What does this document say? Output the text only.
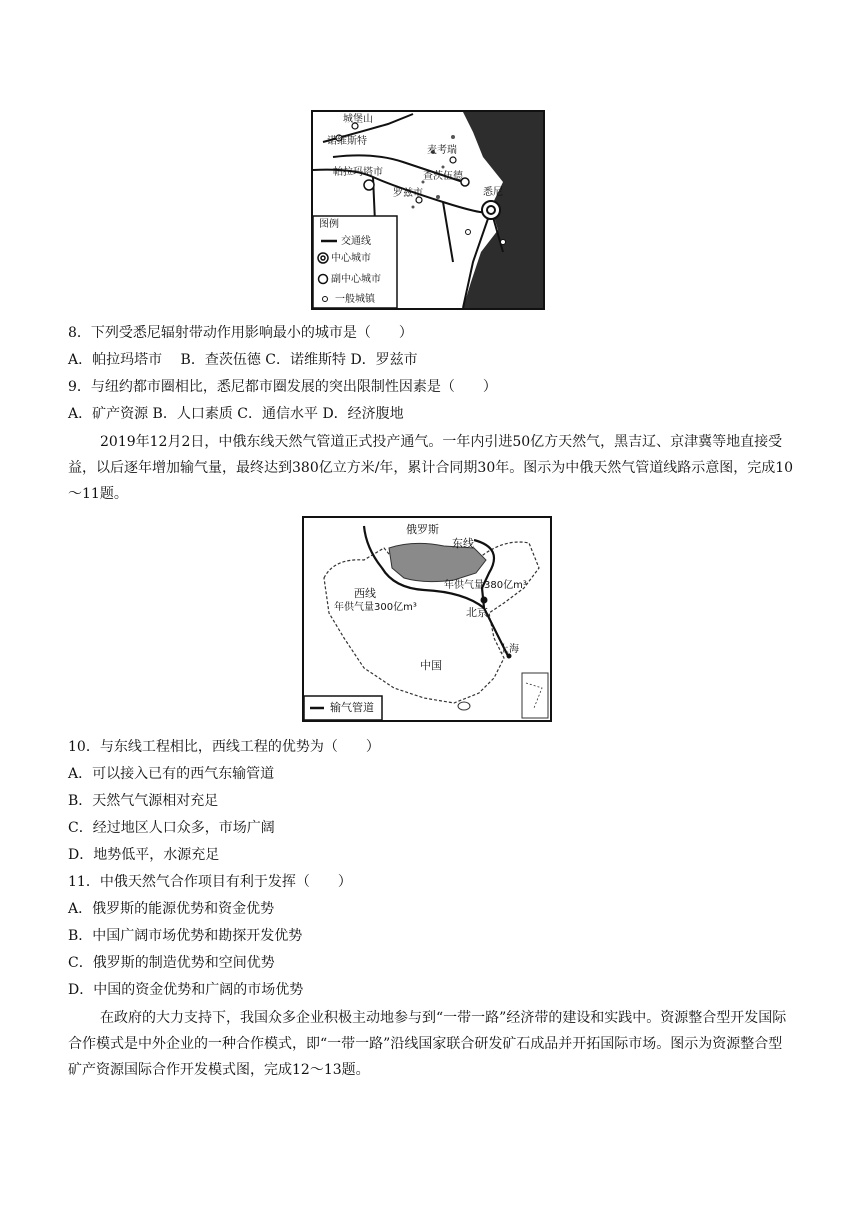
城堡山
诺维斯特
麦考瑞
帕拉玛塔市	查茨伍德
罗兹市	悉尼
图例
交通线
中心城市
副中心城市
一般城镇
8．下列受悉尼辐射带动作用影响最小的城市是（　　）
A．帕拉玛塔市　 B．查茨伍德 C．诺维斯特 D．罗兹市
9．与纽约都市圈相比，悉尼都市圈发展的突出限制性因素是（　　）
A．矿产资源 B．人口素质 C．通信水平 D．经济腹地
2019年12月2日，中俄东线天然气管道正式投产通气。一年内引进50亿方天然气，黑吉辽、京津冀等地直接受益，以后逐年增加输气量，最终达到380亿立方米/年，累计合同期30年。图示为中俄天然气管道线路示意图，完成10～11题。
俄罗斯
东线
年供气量380亿m³
西线
年供气量300亿m³	北京
上海
中国
输气管道
10．与东线工程相比，西线工程的优势为（　　）
A．可以接入已有的西气东输管道
B．天然气气源相对充足
C．经过地区人口众多，市场广阔
D．地势低平，水源充足
11．中俄天然气合作项目有利于发挥（　　）
A．俄罗斯的能源优势和资金优势
B．中国广阔市场优势和勘探开发优势
C．俄罗斯的制造优势和空间优势
D．中国的资金优势和广阔的市场优势
在政府的大力支持下，我国众多企业积极主动地参与到“一带一路”经济带的建设和实践中。资源整合型开发国际合作模式是中外企业的一种合作模式，即“一带一路”沿线国家联合研发矿石成品并开拓国际市场。图示为资源整合型矿产资源国际合作开发模式图，完成12～13题。
